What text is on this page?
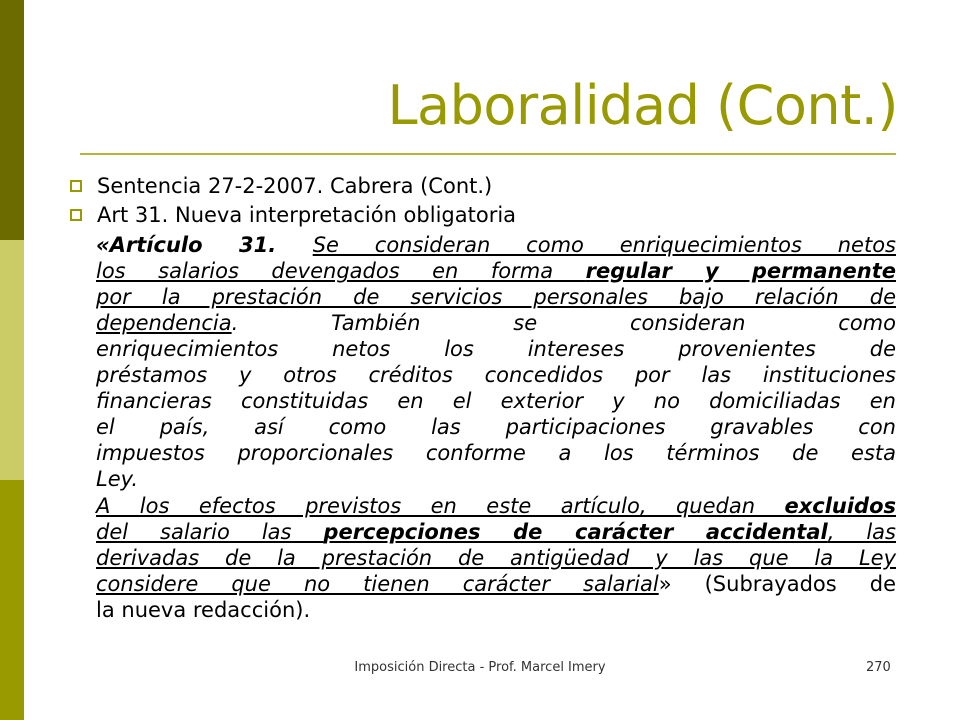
Laboralidad (Cont.)
Sentencia 27-2-2007. Cabrera (Cont.)
Art 31. Nueva interpretación obligatoria
«Artículo 31. Se consideran como enriquecimientos netos
los salarios devengados en forma regular y permanente
por la prestación de servicios personales bajo relación de
dependencia. También se consideran como
enriquecimientos netos los intereses provenientes de
préstamos y otros créditos concedidos por las instituciones
financieras constituidas en el exterior y no domiciliadas en
el país, así como las participaciones gravables con
impuestos proporcionales conforme a los términos de esta
Ley.
A los efectos previstos en este artículo, quedan excluidos
del salario las percepciones de carácter accidental, las
derivadas de la prestación de antigüedad y las que la Ley
considere que no tienen carácter salarial» (Subrayados de
la nueva redacción).
Imposición Directa - Prof. Marcel Imery	270
